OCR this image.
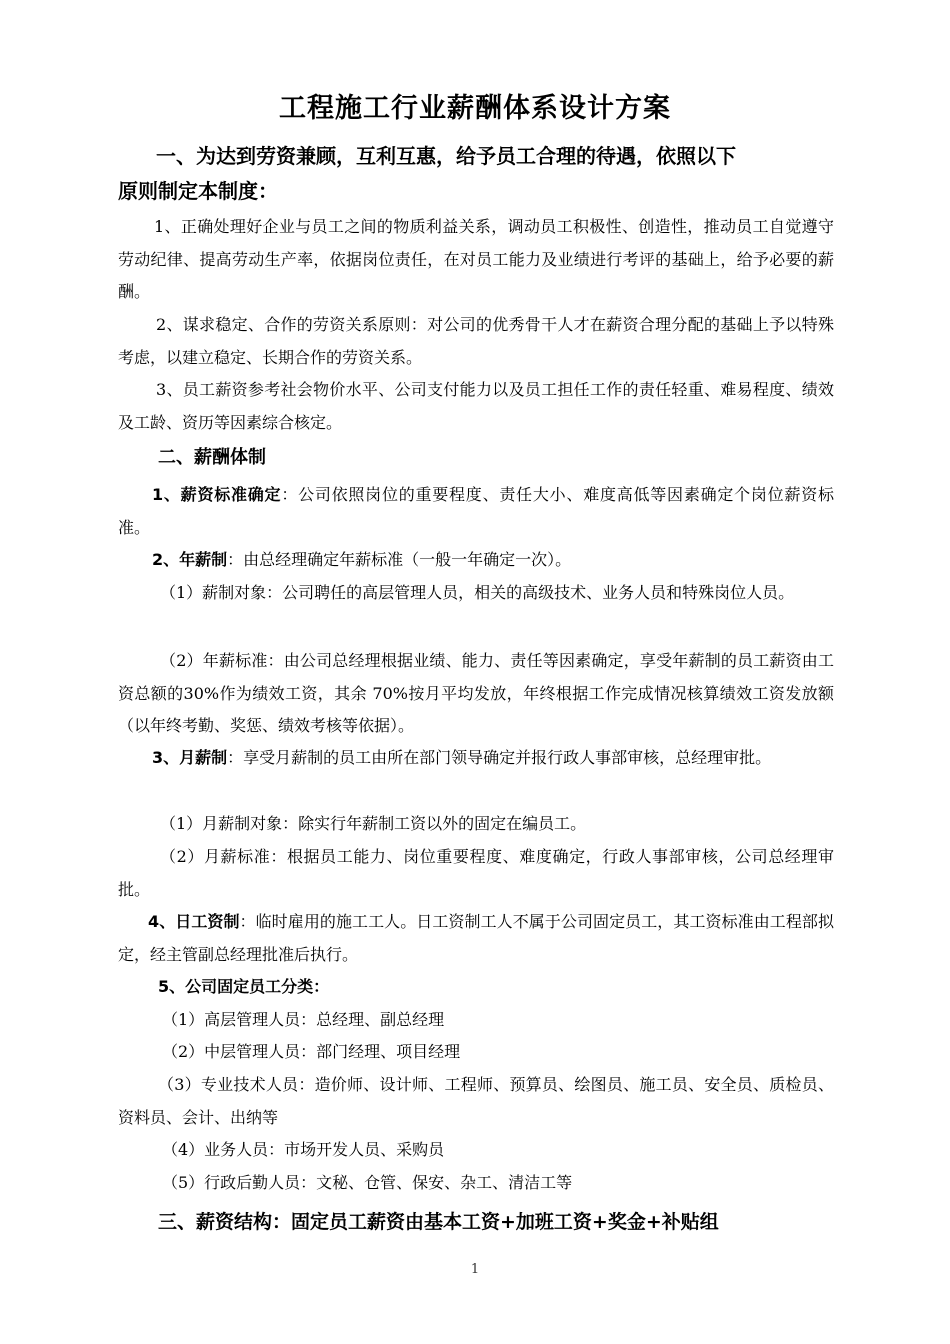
工程施工行业薪酬体系设计方案
一、为达到劳资兼顾，互利互惠，给予员工合理的待遇，依照以下
原则制定本制度：
1、正确处理好企业与员工之间的物质利益关系，调动员工积极性、创造性，推动员工自觉遵守劳动纪律、提高劳动生产率，依据岗位责任，在对员工能力及业绩进行考评的基础上，给予必要的薪酬。
2、谋求稳定、合作的劳资关系原则：对公司的优秀骨干人才在薪资合理分配的基础上予以特殊考虑，以建立稳定、长期合作的劳资关系。
3、员工薪资参考社会物价水平、公司支付能力以及员工担任工作的责任轻重、难易程度、绩效及工龄、资历等因素综合核定。
二、薪酬体制
1、薪资标准确定：公司依照岗位的重要程度、责任大小、难度高低等因素确定个岗位薪资标准。
2、年薪制：由总经理确定年薪标准（一般一年确定一次）。
（1）薪制对象：公司聘任的高层管理人员，相关的高级技术、业务人员和特殊岗位人员。
（2）年薪标准：由公司总经理根据业绩、能力、责任等因素确定，享受年薪制的员工薪资由工资总额的30%作为绩效工资，其余 70%按月平均发放，年终根据工作完成情况核算绩效工资发放额（以年终考勤、奖惩、绩效考核等依据）。
3、月薪制：享受月薪制的员工由所在部门领导确定并报行政人事部审核，总经理审批。
（1）月薪制对象：除实行年薪制工资以外的固定在编员工。
（2）月薪标准：根据员工能力、岗位重要程度、难度确定，行政人事部审核，公司总经理审批。
4、日工资制：临时雇用的施工工人。日工资制工人不属于公司固定员工，其工资标准由工程部拟定，经主管副总经理批准后执行。
5、公司固定员工分类：
（1）高层管理人员：总经理、副总经理
（2）中层管理人员：部门经理、项目经理
（3）专业技术人员：造价师、设计师、工程师、预算员、绘图员、施工员、安全员、质检员、资料员、会计、出纳等
（4）业务人员：市场开发人员、采购员
（5）行政后勤人员：文秘、仓管、保安、杂工、清洁工等
三、薪资结构：固定员工薪资由基本工资+加班工资+奖金+补贴组
1
